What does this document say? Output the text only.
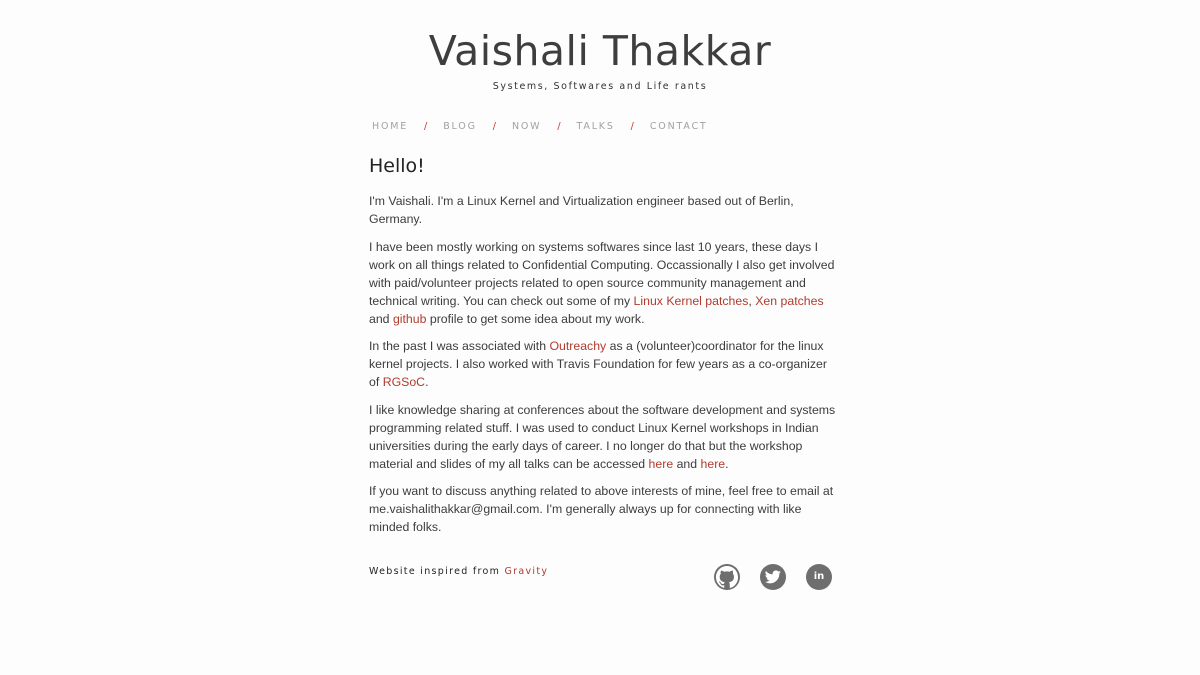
Vaishali Thakkar
Systems, Softwares and Life rants
HOME / BLOG / NOW / TALKS / CONTACT
Hello!

I'm Vaishali. I'm a Linux Kernel and Virtualization engineer based out of Berlin, Germany.

I have been mostly working on systems softwares since last 10 years, these days I work on all things related to Confidential Computing. Occassionally I also get involved with paid/volunteer projects related to open source community management and technical writing. You can check out some of my Linux Kernel patches, Xen patches and github profile to get some idea about my work.

In the past I was associated with Outreachy as a (volunteer)coordinator for the linux kernel projects. I also worked with Travis Foundation for few years as a co-organizer of RGSoC.

I like knowledge sharing at conferences about the software development and systems programming related stuff. I was used to conduct Linux Kernel workshops in Indian universities during the early days of career. I no longer do that but the workshop material and slides of my all talks can be accessed here and here.

If you want to discuss anything related to above interests of mine, feel free to email at me.vaishalithakkar@gmail.com. I'm generally always up for connecting with like minded folks.

Website inspired from Gravity	in
